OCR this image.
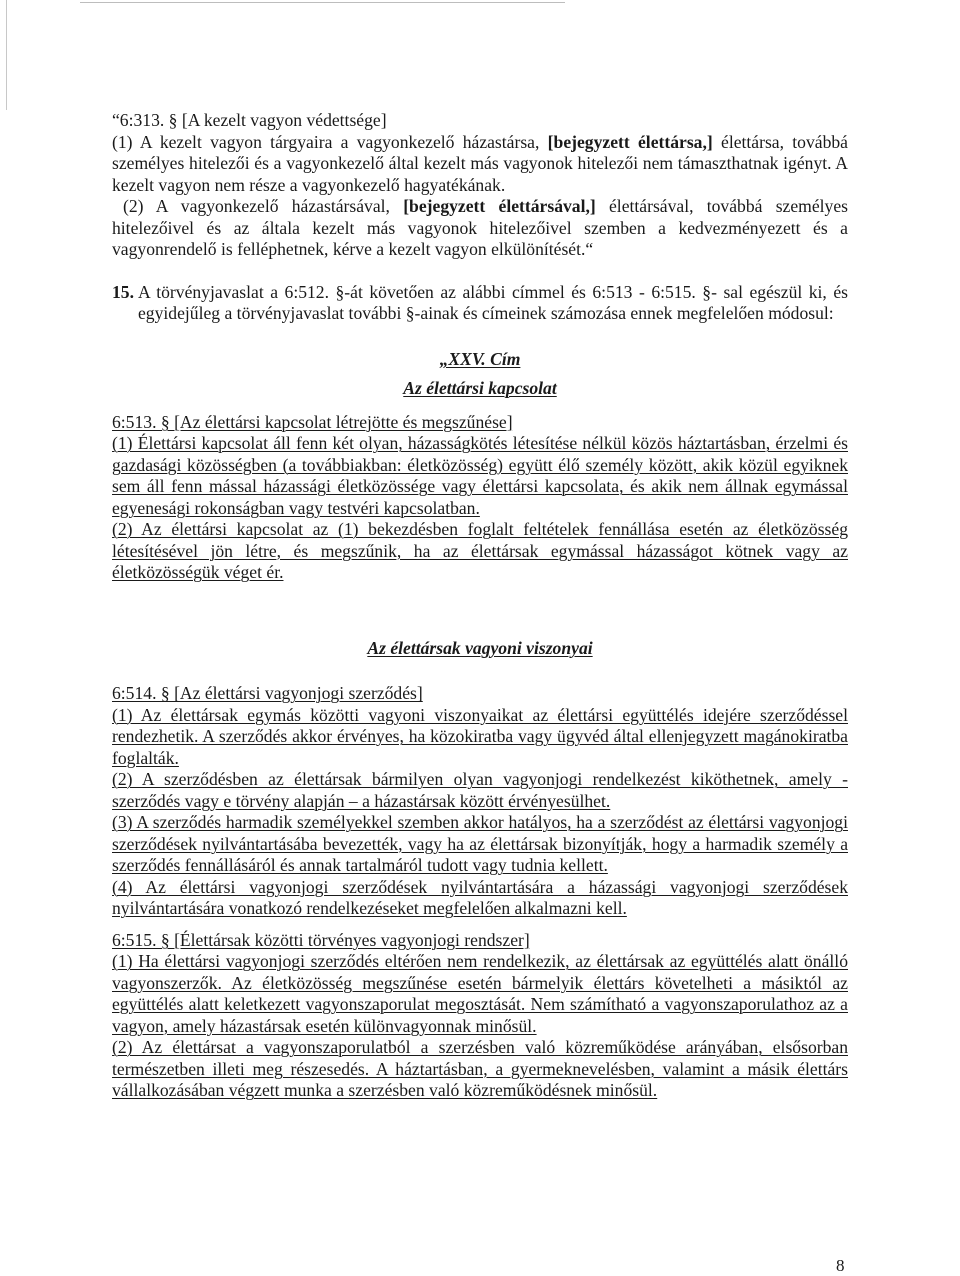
“6:313. § [A kezelt vagyon védettsége]

(1) A kezelt vagyon tárgyaira a vagyonkezelő házastársa, [bejegyzett élettársa,] élettársa, továbbá személyes hitelezői és a vagyonkezelő által kezelt más vagyonok hitelezői nem támaszthatnak igényt. A kezelt vagyon nem része a vagyonkezelő hagyatékának.

(2) A vagyonkezelő házastársával, [bejegyzett élettársával,] élettársával, továbbá személyes hitelezőivel és az általa kezelt más vagyonok hitelezőivel szemben a kedvezményezett és a vagyonrendelő is felléphetnek, kérve a kezelt vagyon elkülönítését.“

15. A törvényjavaslat a 6:512. §-át követően az alábbi címmel és 6:513 - 6:515. §- sal egészül ki, és egyidejűleg a törvényjavaslat további §-ainak és címeinek számozása ennek megfelelően módosul:

„XXV. Cím

Az élettársi kapcsolat

6:513. § [Az élettársi kapcsolat létrejötte és megszűnése]

(1) Élettársi kapcsolat áll fenn két olyan, házasságkötés létesítése nélkül közös háztartásban, érzelmi és gazdasági közösségben (a továbbiakban: életközösség) együtt élő személy között, akik közül egyiknek sem áll fenn mással házassági életközössége vagy élettársi kapcsolata, és akik nem állnak egymással egyenesági rokonságban vagy testvéri kapcsolatban.

(2) Az élettársi kapcsolat az (1) bekezdésben foglalt feltételek fennállása esetén az életközösség létesítésével jön létre, és megszűnik, ha az élettársak egymással házasságot kötnek vagy az életközösségük véget ér.

Az élettársak vagyoni viszonyai

6:514. § [Az élettársi vagyonjogi szerződés]

(1) Az élettársak egymás közötti vagyoni viszonyaikat az élettársi együttélés idejére szerződéssel rendezhetik. A szerződés akkor érvényes, ha közokiratba vagy ügyvéd által ellenjegyzett magánokiratba foglalták.

(2) A szerződésben az élettársak bármilyen olyan vagyonjogi rendelkezést kiköthetnek, amely -szerződés vagy e törvény alapján – a házastársak között érvényesülhet.

(3) A szerződés harmadik személyekkel szemben akkor hatályos, ha a szerződést az élettársi vagyonjogi szerződések nyilvántartásába bevezették, vagy ha az élettársak bizonyítják, hogy a harmadik személy a szerződés fennállásáról és annak tartalmáról tudott vagy tudnia kellett.

(4) Az élettársi vagyonjogi szerződések nyilvántartására a házassági vagyonjogi szerződések nyilvántartására vonatkozó rendelkezéseket megfelelően alkalmazni kell.

6:515. § [Élettársak közötti törvényes vagyonjogi rendszer]

(1) Ha élettársi vagyonjogi szerződés eltérően nem rendelkezik, az élettársak az együttélés alatt önálló vagyonszerzők. Az életközösség megszűnése esetén bármelyik élettárs követelheti a másiktól az együttélés alatt keletkezett vagyonszaporulat megosztását. Nem számítható a vagyonszaporulathoz az a vagyon, amely házastársak esetén különvagyonnak minősül.

(2) Az élettársat a vagyonszaporulatból a szerzésben való közreműködése arányában, elsősorban természetben illeti meg részesedés. A háztartásban, a gyermeknevelésben, valamint a másik élettárs vállalkozásában végzett munka a szerzésben való közreműködésnek minősül.

8
